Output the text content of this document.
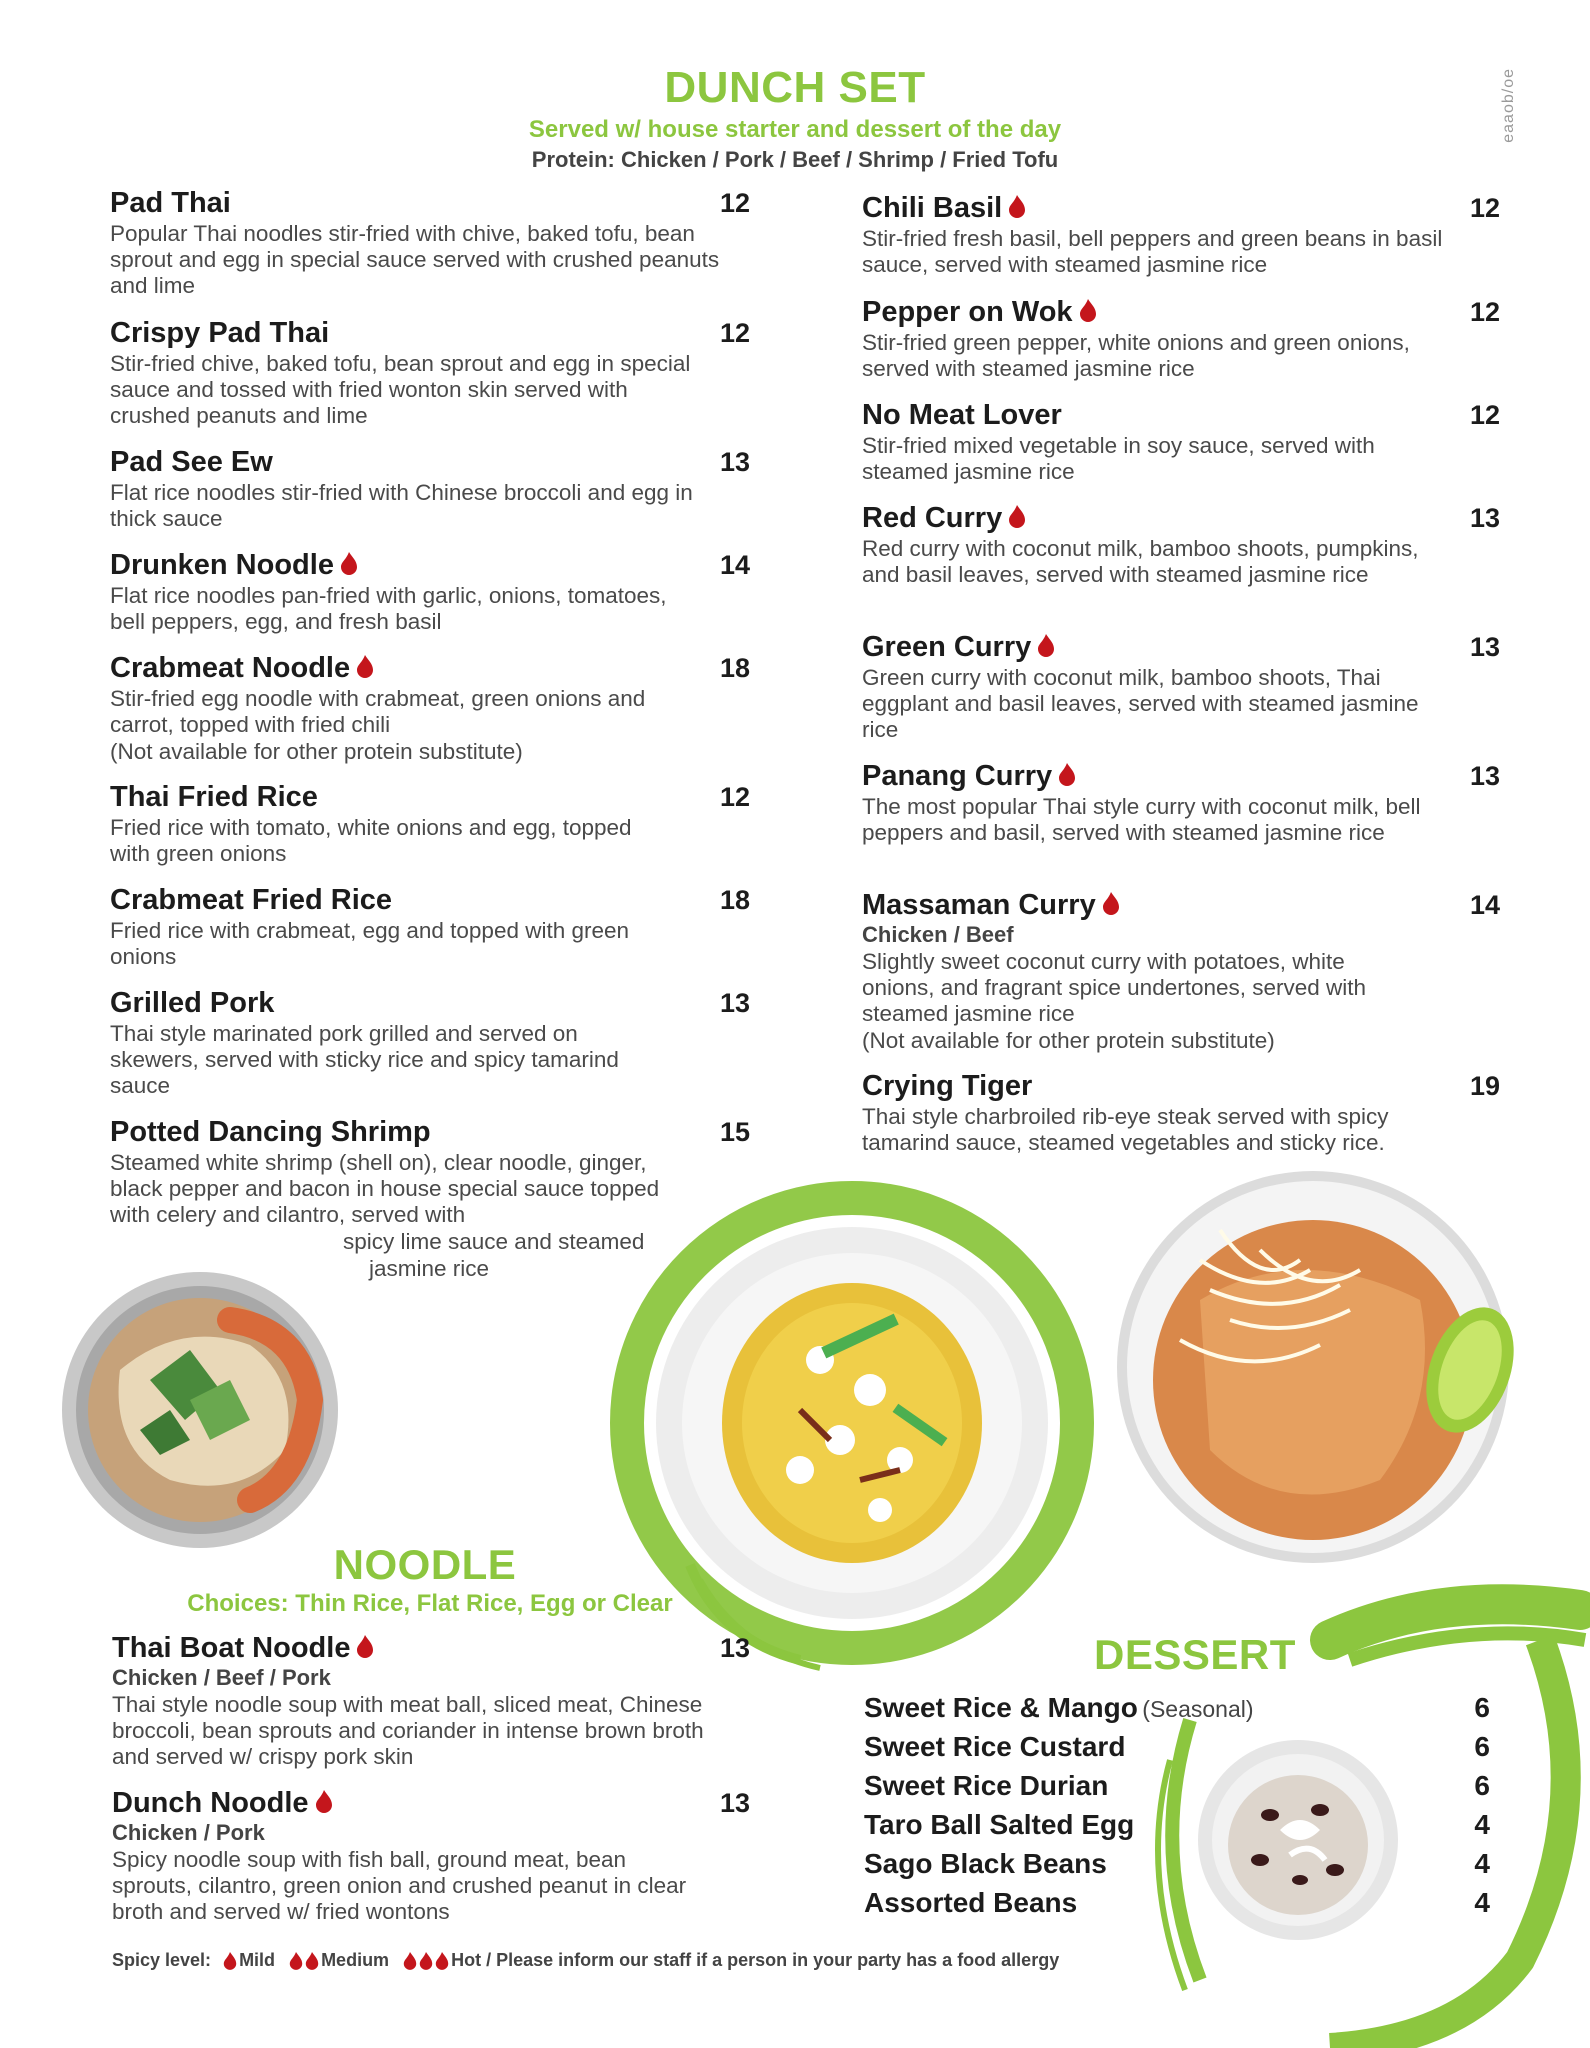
eaaob/oe
DUNCH SET
Served w/ house starter and dessert of the day
Protein: Chicken / Pork / Beef / Shrimp / Fried Tofu
Pad Thai	12
Popular Thai noodles stir-fried with chive, baked tofu, bean sprout and egg in special sauce served with crushed peanuts and lime
Crispy Pad Thai	12
Stir-fried chive, baked tofu, bean sprout and egg in special sauce and tossed with fried wonton skin served with crushed peanuts and lime
Pad See Ew	13
Flat rice noodles stir-fried with Chinese broccoli and egg in thick sauce
Drunken Noodle	14
Flat rice noodles pan-fried with garlic, onions, tomatoes, bell peppers, egg, and fresh basil
Crabmeat Noodle	18
Stir-fried egg noodle with crabmeat, green onions and carrot, topped with fried chili
(Not available for other protein substitute)
Thai Fried Rice	12
Fried rice with tomato, white onions and egg, topped with green onions
Crabmeat Fried Rice	18
Fried rice with crabmeat, egg and topped with green onions
Grilled Pork	13
Thai style marinated pork grilled and served on skewers, served with sticky rice and spicy tamarind sauce
Potted Dancing Shrimp	15
Steamed white shrimp (shell on), clear noodle, ginger, black pepper and bacon in house special sauce topped with celery and cilantro, served with
spicy lime sauce and steamed
jasmine rice
Chili Basil	12
Stir-fried fresh basil, bell peppers and green beans in basil sauce, served with steamed jasmine rice
Pepper on Wok	12
Stir-fried green pepper, white onions and green onions, served with steamed jasmine rice
No Meat Lover	12
Stir-fried mixed vegetable in soy sauce, served with steamed jasmine rice
Red Curry	13
Red curry with coconut milk, bamboo shoots, pumpkins, and basil leaves, served with steamed jasmine rice
Green Curry	13
Green curry with coconut milk, bamboo shoots, Thai eggplant and basil leaves, served with steamed jasmine rice
Panang Curry	13
The most popular Thai style curry with coconut milk, bell peppers and basil, served with steamed jasmine rice
Massaman Curry	14
Chicken / Beef
Slightly sweet coconut curry with potatoes, white onions, and fragrant spice undertones, served with steamed jasmine rice
(Not available for other protein substitute)
Crying Tiger	19
Thai style charbroiled rib-eye steak served with spicy tamarind sauce, steamed vegetables and sticky rice.
NOODLE
Choices: Thin Rice, Flat Rice, Egg or Clear
Thai Boat Noodle	13
Chicken / Beef / Pork
Thai style noodle soup with meat ball, sliced meat, Chinese broccoli, bean sprouts and coriander in intense brown broth and served w/ crispy pork skin
Dunch Noodle	13
Chicken / Pork
Spicy noodle soup with fish ball, ground meat, bean sprouts, cilantro, green onion and crushed peanut in clear broth and served w/ fried wontons
DESSERT
Sweet Rice & Mango (Seasonal)	6
Sweet Rice Custard	6
Sweet Rice Durian	6
Taro Ball Salted Egg	4
Sago Black Beans	4
Assorted Beans	4
Spicy level: Mild	Medium	Hot / Please inform our staff if a person in your party has a food allergy
